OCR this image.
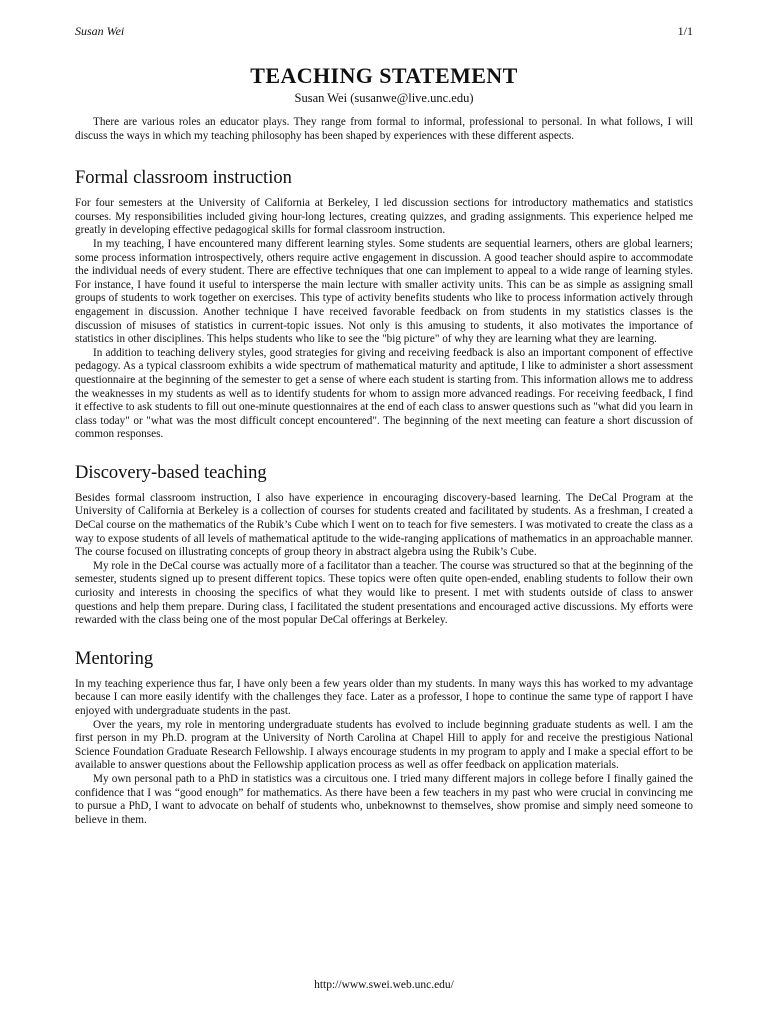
Susan Wei	1/1
TEACHING STATEMENT

Susan Wei (susanwe@live.unc.edu)

There are various roles an educator plays. They range from formal to informal, professional to personal. In what follows, I will discuss the ways in which my teaching philosophy has been shaped by experiences with these different aspects.

Formal classroom instruction

For four semesters at the University of California at Berkeley, I led discussion sections for introductory mathematics and statistics courses. My responsibilities included giving hour-long lectures, creating quizzes, and grading assignments. This experience helped me greatly in developing effective pedagogical skills for formal classroom instruction.

In my teaching, I have encountered many different learning styles. Some students are sequential learners, others are global learners; some process information introspectively, others require active engagement in discussion. A good teacher should aspire to accommodate the individual needs of every student. There are effective techniques that one can implement to appeal to a wide range of learning styles. For instance, I have found it useful to intersperse the main lecture with smaller activity units. This can be as simple as assigning small groups of students to work together on exercises. This type of activity benefits students who like to process information actively through engagement in discussion. Another technique I have received favorable feedback on from students in my statistics classes is the discussion of misuses of statistics in current-topic issues. Not only is this amusing to students, it also motivates the importance of statistics in other disciplines. This helps students who like to see the "big picture" of why they are learning what they are learning.

In addition to teaching delivery styles, good strategies for giving and receiving feedback is also an important component of effective pedagogy. As a typical classroom exhibits a wide spectrum of mathematical maturity and aptitude, I like to administer a short assessment questionnaire at the beginning of the semester to get a sense of where each student is starting from. This information allows me to address the weaknesses in my students as well as to identify students for whom to assign more advanced readings. For receiving feedback, I find it effective to ask students to fill out one-minute questionnaires at the end of each class to answer questions such as "what did you learn in class today" or "what was the most difficult concept encountered". The beginning of the next meeting can feature a short discussion of common responses.

Discovery-based teaching

Besides formal classroom instruction, I also have experience in encouraging discovery-based learning. The DeCal Program at the University of California at Berkeley is a collection of courses for students created and facilitated by students. As a freshman, I created a DeCal course on the mathematics of the Rubik’s Cube which I went on to teach for five semesters. I was motivated to create the class as a way to expose students of all levels of mathematical aptitude to the wide-ranging applications of mathematics in an approachable manner. The course focused on illustrating concepts of group theory in abstract algebra using the Rubik’s Cube.

My role in the DeCal course was actually more of a facilitator than a teacher. The course was structured so that at the beginning of the semester, students signed up to present different topics. These topics were often quite open-ended, enabling students to follow their own curiosity and interests in choosing the specifics of what they would like to present. I met with students outside of class to answer questions and help them prepare. During class, I facilitated the student presentations and encouraged active discussions. My efforts were rewarded with the class being one of the most popular DeCal offerings at Berkeley.

Mentoring

In my teaching experience thus far, I have only been a few years older than my students. In many ways this has worked to my advantage because I can more easily identify with the challenges they face. Later as a professor, I hope to continue the same type of rapport I have enjoyed with undergraduate students in the past.

Over the years, my role in mentoring undergraduate students has evolved to include beginning graduate students as well. I am the first person in my Ph.D. program at the University of North Carolina at Chapel Hill to apply for and receive the prestigious National Science Foundation Graduate Research Fellowship. I always encourage students in my program to apply and I make a special effort to be available to answer questions about the Fellowship application process as well as offer feedback on application materials.

My own personal path to a PhD in statistics was a circuitous one. I tried many different majors in college before I finally gained the confidence that I was “good enough” for mathematics. As there have been a few teachers in my past who were crucial in convincing me to pursue a PhD, I want to advocate on behalf of students who, unbeknownst to themselves, show promise and simply need someone to believe in them.

http://www.swei.web.unc.edu/
